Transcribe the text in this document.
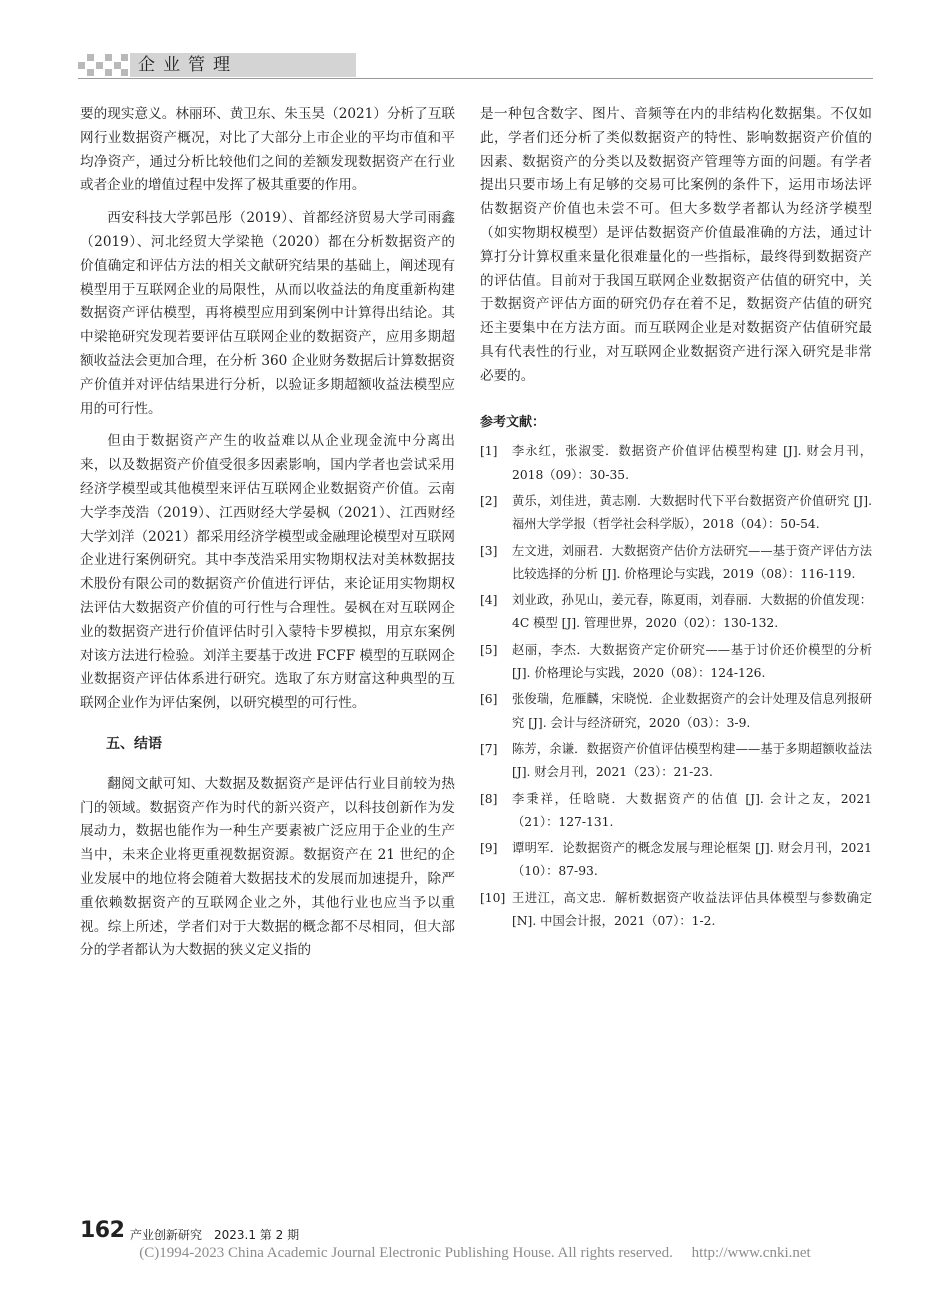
企业管理

要的现实意义。林丽环、黄卫东、朱玉昊（2021）分析了互联网行业数据资产概况，对比了大部分上市企业的平均市值和平均净资产，通过分析比较他们之间的差额发现数据资产在行业或者企业的增值过程中发挥了极其重要的作用。

西安科技大学郭邑彤（2019）、首都经济贸易大学司雨鑫（2019）、河北经贸大学梁艳（2020）都在分析数据资产的价值确定和评估方法的相关文献研究结果的基础上，阐述现有模型用于互联网企业的局限性，从而以收益法的角度重新构建数据资产评估模型，再将模型应用到案例中计算得出结论。其中梁艳研究发现若要评估互联网企业的数据资产，应用多期超额收益法会更加合理，在分析 360 企业财务数据后计算数据资产价值并对评估结果进行分析，以验证多期超额收益法模型应用的可行性。

但由于数据资产产生的收益难以从企业现金流中分离出来，以及数据资产价值受很多因素影响，国内学者也尝试采用经济学模型或其他模型来评估互联网企业数据资产价值。云南大学李茂浩（2019）、江西财经大学晏枫（2021）、江西财经大学刘洋（2021）都采用经济学模型或金融理论模型对互联网企业进行案例研究。其中李茂浩采用实物期权法对美林数据技术股份有限公司的数据资产价值进行评估，来论证用实物期权法评估大数据资产价值的可行性与合理性。晏枫在对互联网企业的数据资产进行价值评估时引入蒙特卡罗模拟，用京东案例对该方法进行检验。刘洋主要基于改进 FCFF 模型的互联网企业数据资产评估体系进行研究。选取了东方财富这种典型的互联网企业作为评估案例，以研究模型的可行性。

五、结语

翻阅文献可知、大数据及数据资产是评估行业目前较为热门的领域。数据资产作为时代的新兴资产，以科技创新作为发展动力，数据也能作为一种生产要素被广泛应用于企业的生产当中，未来企业将更重视数据资源。数据资产在 21 世纪的企业发展中的地位将会随着大数据技术的发展而加速提升，除严重依赖数据资产的互联网企业之外，其他行业也应当予以重视。综上所述，学者们对于大数据的概念都不尽相同，但大部分的学者都认为大数据的狭义定义指的

是一种包含数字、图片、音频等在内的非结构化数据集。不仅如此，学者们还分析了类似数据资产的特性、影响数据资产价值的因素、数据资产的分类以及数据资产管理等方面的问题。有学者提出只要市场上有足够的交易可比案例的条件下，运用市场法评估数据资产价值也未尝不可。但大多数学者都认为经济学模型（如实物期权模型）是评估数据资产价值最准确的方法，通过计算打分计算权重来量化很难量化的一些指标，最终得到数据资产的评估值。目前对于我国互联网企业数据资产估值的研究中，关于数据资产评估方面的研究仍存在着不足，数据资产估值的研究还主要集中在方法方面。而互联网企业是对数据资产估值研究最具有代表性的行业，对互联网企业数据资产进行深入研究是非常必要的。

参考文献：
[1]	李永红，张淑雯．数据资产价值评估模型构建 [J]. 财会月刊，2018（09）：30-35.
[2]	黄乐，刘佳进，黄志刚．大数据时代下平台数据资产价值研究 [J]. 福州大学学报（哲学社会科学版），2018（04）：50-54.
[3]	左文进，刘丽君．大数据资产估价方法研究——基于资产评估方法比较选择的分析 [J]. 价格理论与实践，2019（08）：116-119.
[4]	刘业政，孙见山，姜元春，陈夏雨，刘春丽．大数据的价值发现：4C 模型 [J]. 管理世界，2020（02）：130-132.
[5]	赵丽，李杰．大数据资产定价研究——基于讨价还价模型的分析 [J]. 价格理论与实践，2020（08）：124-126.
[6]	张俊瑞，危雁麟，宋晓悦．企业数据资产的会计处理及信息列报研究 [J]. 会计与经济研究，2020（03）：3-9.
[7]	陈芳，余谦．数据资产价值评估模型构建——基于多期超额收益法 [J]. 财会月刊，2021（23）：21-23.
[8]	李秉祥，任晗晓．大数据资产的估值 [J]. 会计之友，2021（21）：127-131.
[9]	谭明军．论数据资产的概念发展与理论框架 [J]. 财会月刊，2021（10）：87-93.
[10] 王进江，高文忠．解析数据资产收益法评估具体模型与参数确定 [N]. 中国会计报，2021（07）：1-2.
162 产业创新研究　2023.1 第 2 期
(C)1994-2023 China Academic Journal Electronic Publishing House. All rights reserved.　 http://www.cnki.net
